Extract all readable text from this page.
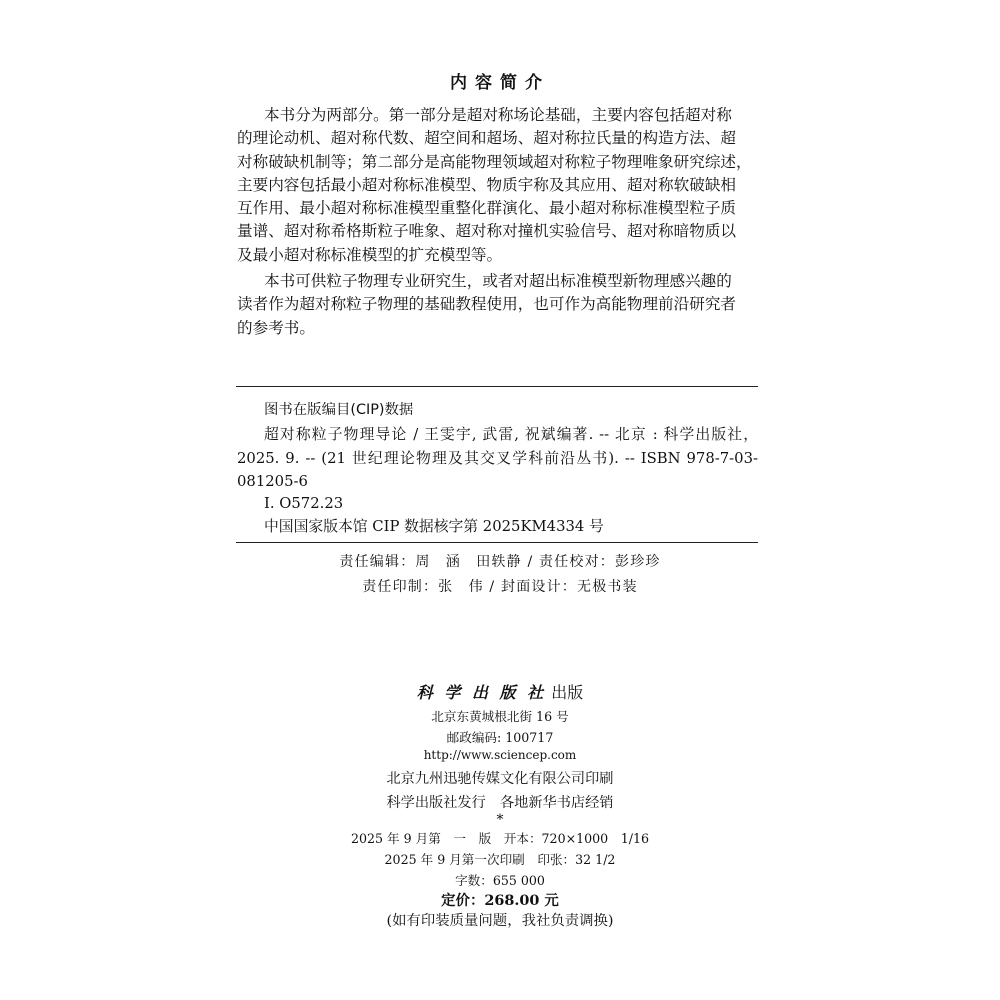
内容简介
本书分为两部分。第一部分是超对称场论基础，主要内容包括超对称
的理论动机、超对称代数、超空间和超场、超对称拉氏量的构造方法、超
对称破缺机制等；第二部分是高能物理领域超对称粒子物理唯象研究综述，
主要内容包括最小超对称标准模型、物质宇称及其应用、超对称软破缺相
互作用、最小超对称标准模型重整化群演化、最小超对称标准模型粒子质
量谱、超对称希格斯粒子唯象、超对称对撞机实验信号、超对称暗物质以
及最小超对称标准模型的扩充模型等。
本书可供粒子物理专业研究生，或者对超出标准模型新物理感兴趣的
读者作为超对称粒子物理的基础教程使用，也可作为高能物理前沿研究者
的参考书。
图书在版编目(CIP)数据
超对称粒子物理导论 / 王雯宇, 武雷, 祝斌编著. -- 北京 : 科学出版社，2025. 9. -- (21 世纪理论物理及其交叉学科前沿丛书). -- ISBN 978-7-03-081205-6
Ⅰ. O572.23
中国国家版本馆 CIP 数据核字第 2025KM4334 号
责任编辑：周　涵　田轶静 / 责任校对：彭珍珍
责任印制：张　伟 / 封面设计：无极书装
科 学 出 版 社 出版
北京东黄城根北街 16 号
邮政编码: 100717
http://www.sciencep.com
北京九州迅驰传媒文化有限公司印刷
科学出版社发行　各地新华书店经销
*
2025 年 9 月第　一　版　开本：720×1000　1/16
2025 年 9 月第一次印刷　印张：32 1/2
字数：655 000
定价：268.00 元
(如有印装质量问题，我社负责调换)
